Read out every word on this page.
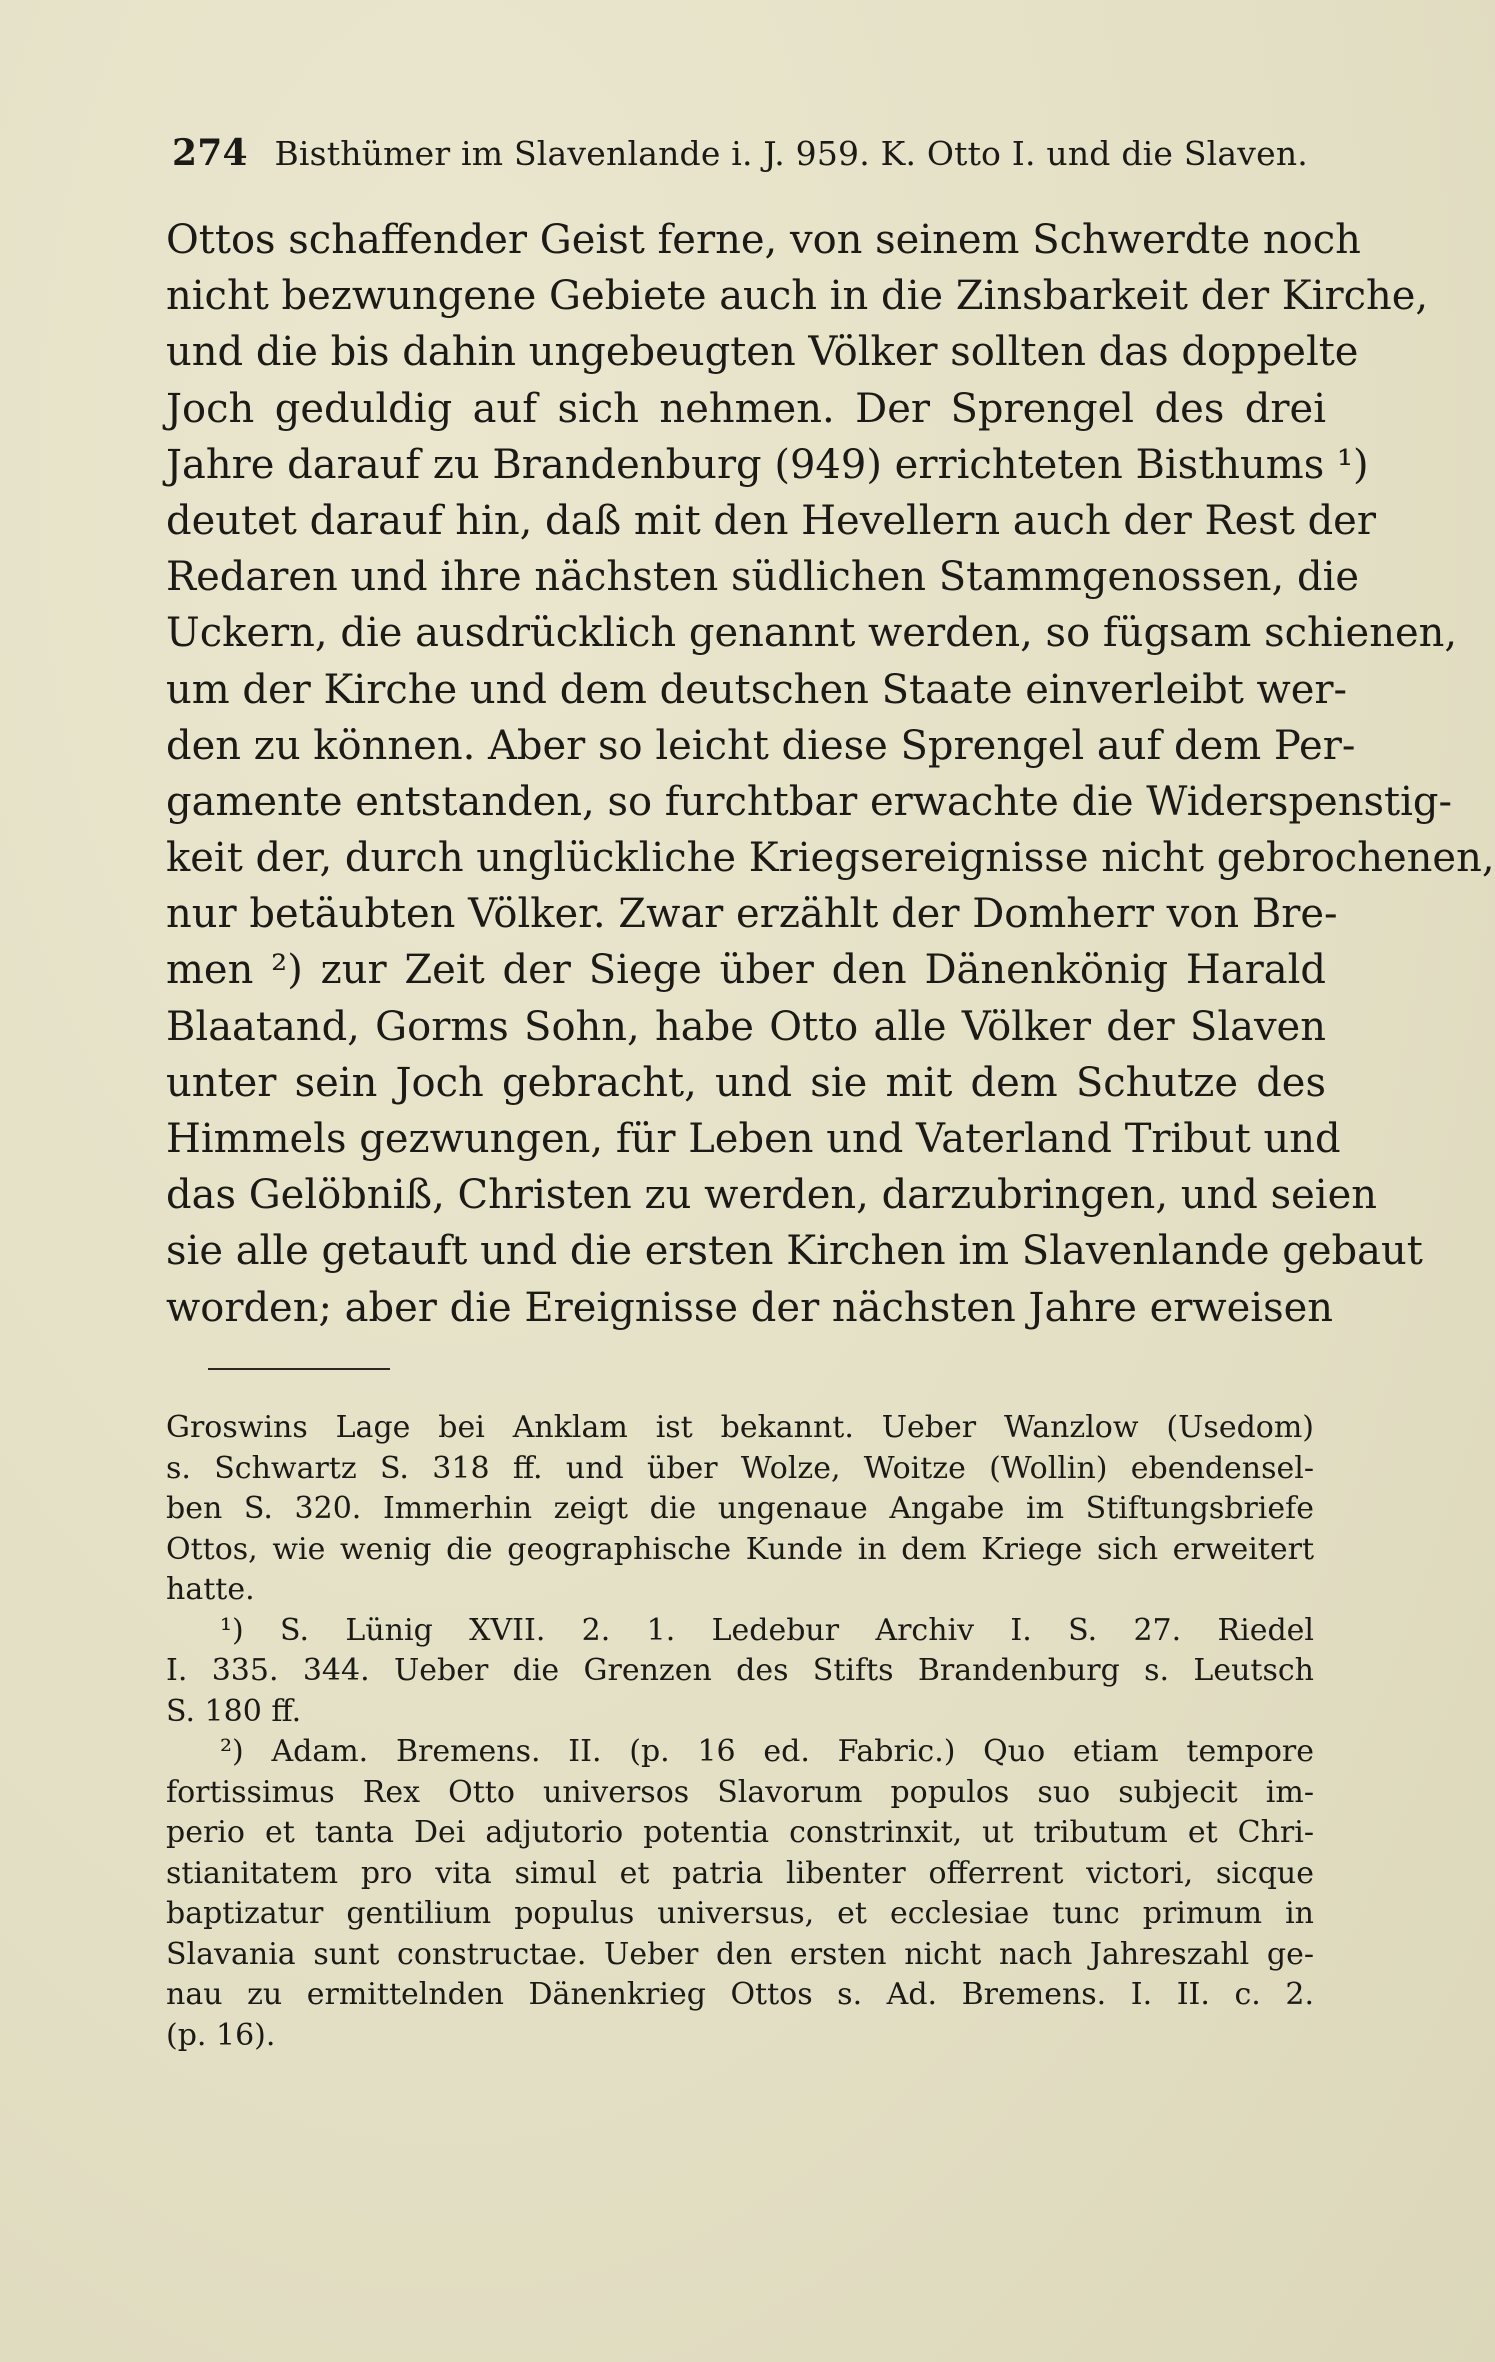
274 Bisthümer im Slavenlande i. J. 959. K. Otto I. und die Slaven.
Ottos schaffender Geist ferne, von seinem Schwerdte noch
nicht bezwungene Gebiete auch in die Zinsbarkeit der Kirche,
und die bis dahin ungebeugten Völker sollten das doppelte
Joch geduldig auf sich nehmen. Der Sprengel des drei
Jahre darauf zu Brandenburg (949) errichteten Bisthums ¹)
deutet darauf hin, daß mit den Hevellern auch der Rest der
Redaren und ihre nächsten südlichen Stammgenossen, die
Uckern, die ausdrücklich genannt werden, so fügsam schienen,
um der Kirche und dem deutschen Staate einverleibt wer-
den zu können. Aber so leicht diese Sprengel auf dem Per-
gamente entstanden, so furchtbar erwachte die Widerspenstig-
keit der, durch unglückliche Kriegsereignisse nicht gebrochenen,
nur betäubten Völker. Zwar erzählt der Domherr von Bre-
men ²) zur Zeit der Siege über den Dänenkönig Harald
Blaatand, Gorms Sohn, habe Otto alle Völker der Slaven
unter sein Joch gebracht, und sie mit dem Schutze des
Himmels gezwungen, für Leben und Vaterland Tribut und
das Gelöbniß, Christen zu werden, darzubringen, und seien
sie alle getauft und die ersten Kirchen im Slavenlande gebaut
worden; aber die Ereignisse der nächsten Jahre erweisen
Groswins Lage bei Anklam ist bekannt. Ueber Wanzlow (Usedom)
s. Schwartz S. 318 ff. und über Wolze, Woitze (Wollin) ebendensel-
ben S. 320. Immerhin zeigt die ungenaue Angabe im Stiftungsbriefe
Ottos, wie wenig die geographische Kunde in dem Kriege sich erweitert
hatte.
¹) S. Lünig XVII. 2. 1. Ledebur Archiv I. S. 27. Riedel
I. 335. 344. Ueber die Grenzen des Stifts Brandenburg s. Leutsch
S. 180 ff.
²) Adam. Bremens. II. (p. 16 ed. Fabric.) Quo etiam tempore
fortissimus Rex Otto universos Slavorum populos suo subjecit im-
perio et tanta Dei adjutorio potentia constrinxit, ut tributum et Chri-
stianitatem pro vita simul et patria libenter offerrent victori, sicque
baptizatur gentilium populus universus, et ecclesiae tunc primum in
Slavania sunt constructae. Ueber den ersten nicht nach Jahreszahl ge-
nau zu ermittelnden Dänenkrieg Ottos s. Ad. Bremens. I. II. c. 2.
(p. 16).
